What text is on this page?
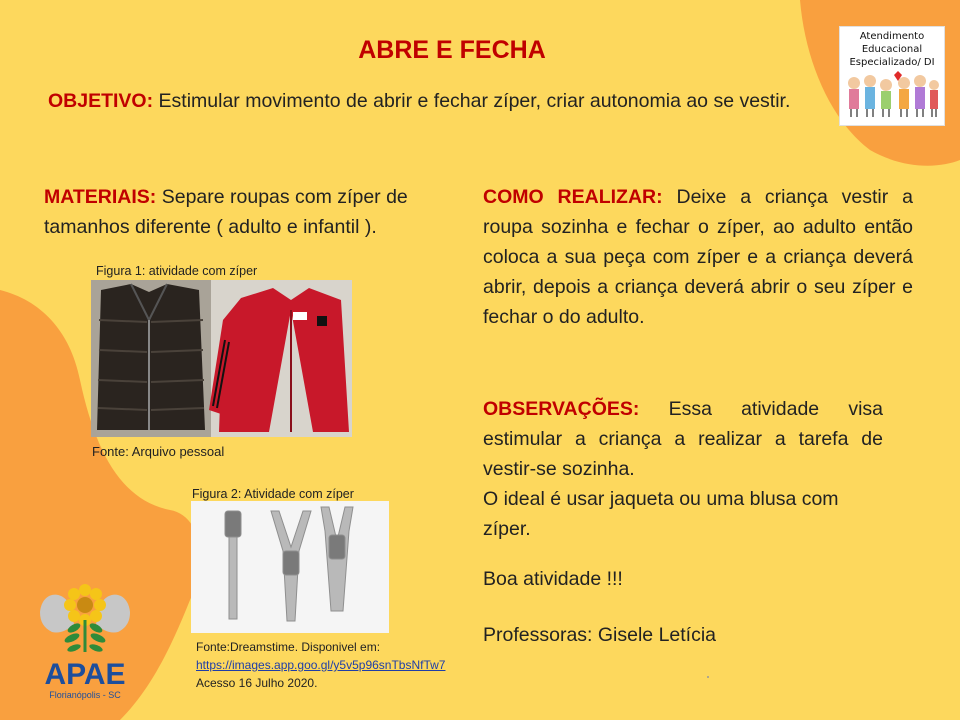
ABRE E FECHA
OBJETIVO: Estimular movimento de abrir e fechar zíper, criar autonomia ao se vestir.
MATERIAIS: Separe roupas com zíper de tamanhos diferente ( adulto e infantil ).
COMO REALIZAR: Deixe a criança vestir a roupa sozinha e fechar o zíper, ao adulto então coloca a sua peça com zíper e a criança deverá abrir, depois a criança deverá abrir o seu zíper e fechar o do adulto.

OBSERVAÇÕES: Essa atividade visa estimular a criança a realizar a tarefa de vestir-se sozinha.

O ideal é usar jaqueta ou uma blusa com zíper.

Boa atividade !!!
Professoras: Gisele Letícia
Figura 1: atividade com zíper
Fonte: Arquivo pessoal
Figura 2: Atividade com zíper
Fonte:Dreamstime. Disponivel em: https://images.app.goo.gl/y5v5p96snTbsNfTw7 Acesso 16 Julho 2020.
Atendimento
Educacional
Especializado/ DI
APAE
Florianópolis - SC
